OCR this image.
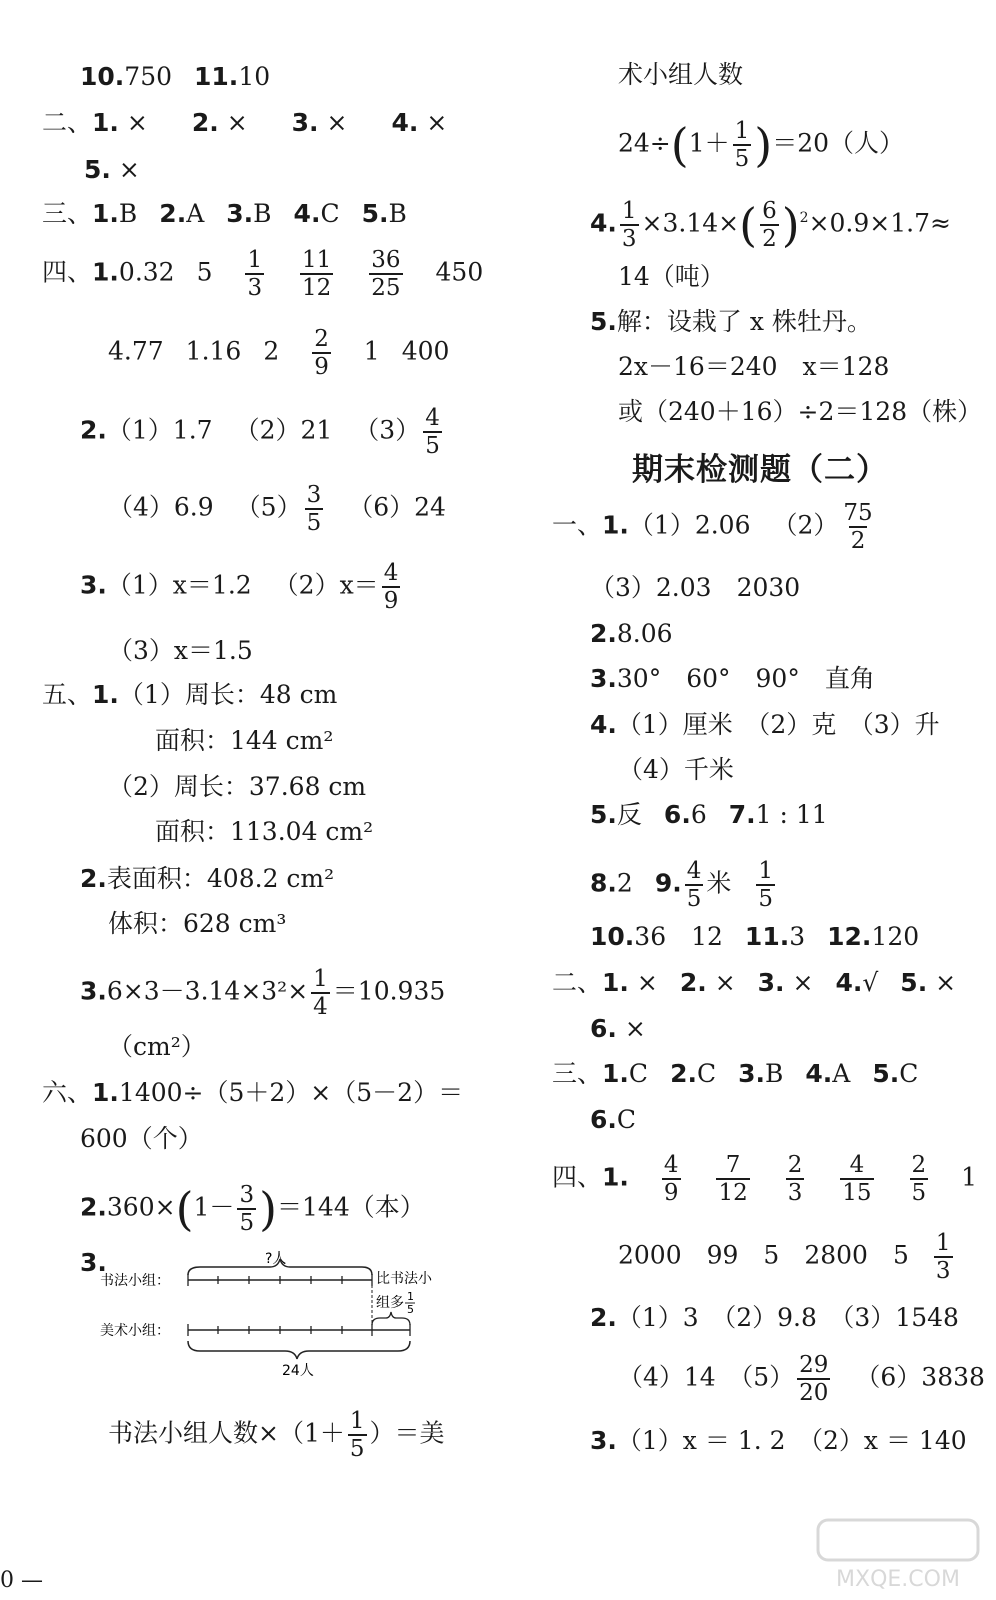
10.750 11.10
二、1. × 2. × 3. × 4. ×
5. ×
三、1.B 2.A 3.B 4.C 5.B
四、1.0.32 $5 \frac{1}{3}$
$\frac{11}{12}$
$\frac{36}{25} 450$
4.77 1.16 $2 \frac{2}{9} 1$ 400
2.（1）1.7 （2）21 $(3) \frac{4}{5}$
（4）6.9 $(5) \frac{3}{5} (6)24$
3.（1）x＝1.2 $(2)x= \frac{4}{9}$
（3）x＝1.5
五、1.（1）周长：48 cm
面积：144 cm²
（2）周长：37.68 cm
面积：113.04 cm²
2.表面积：408.2 cm²
体积：628 cm³
$3.6\times 3-3.14\times 3^2\times \frac{1}{4} =10.935$
（cm²）
六、1.1400÷（5＋2）×（5－2）＝
600（个）
$2.360\times(1- \frac{3}{5} )=144$（本）
3.	?人
书法小组：
美术小组：
比书法小
组多 1
5
24人
书法小组人数$\times(1+ \frac{1}{5}$ ）＝美
0 —
术小组人数
$24\div(1+ \frac{1}{5} )=20$（人）
4. $\frac{1}{3} \times 3.14\times( \frac{6}{2} )^2\times 0.9\times 1.7\approx$
14（吨）
5.解：设栽了 x 株牡丹。
2x－16＝240　x＝128
或（240＋16）÷2＝128（株）
期末检测题（二）
一、1.（1）2.06 $(2) \frac{75}{2}$
（3）2.03　2030
2.8.06
3.30°　60°　90°　直角
4.（1）厘米　（2）克　（3）升
（4）千米
5.反 6.6 7.1 : 11
8.2 9. $\frac{4}{5}$ 米 $\frac{1}{5}$
10.36　12 11.3 12.120
二、1. × 2. × 3. × 4.√ 5. ×
6. ×
三、1.C 2.C 3.B 4.A 5.C
6.C
四、1. $\frac{4}{9}$
$\frac{7}{12}$
$\frac{2}{3}$
$\frac{4}{15}$
$\frac{2}{5} 1$
2000　99　5　2800　$5 \frac{1}{3}$
2.（1）3　（2）9.8　（3）1548
（4）14　$(5) \frac{29}{20} (6)3838$
3.（1）x ＝ 1. 2　（2）x ＝ 140
MXQE.COM
